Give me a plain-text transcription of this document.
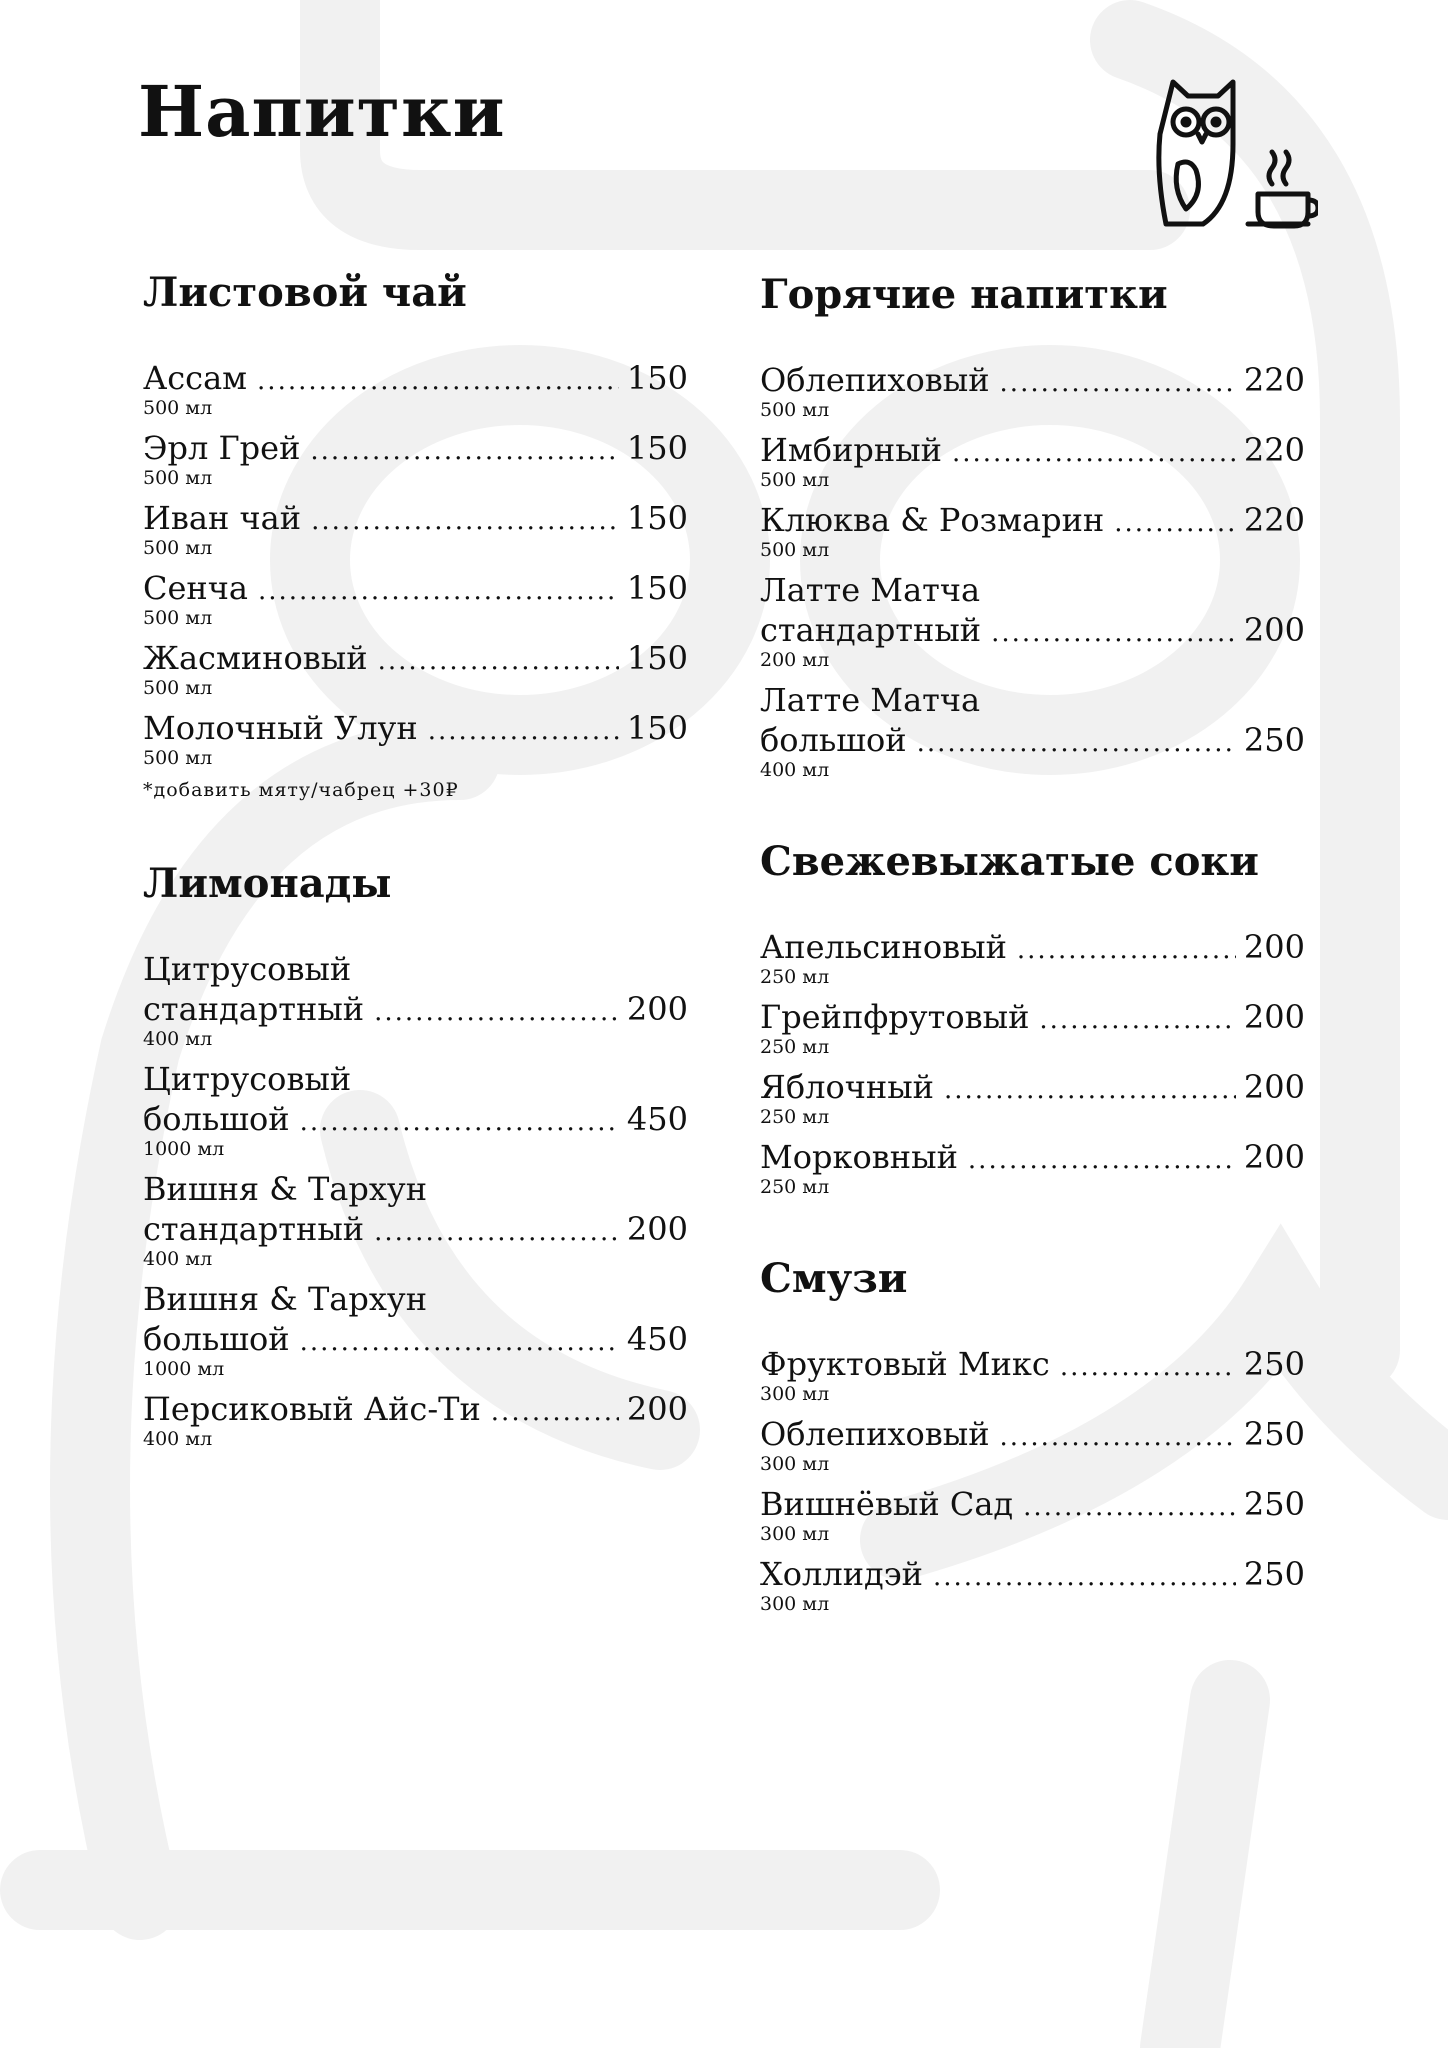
Напитки
Листовой чай
Ассам .....	150
500 мл
Эрл Грей .....	150
500 мл
Иван чай .....	150
500 мл
Сенча .....	150
500 мл
Жасминовый .....	150
500 мл
Молочный Улун .....	150
500 мл
*добавить мяту/чабрец +30₽
Лимонады
Цитрусовый
стандартный .....	200
400 мл
Цитрусовый
большой .....	450
1000 мл
Вишня & Тархун
стандартный .....	200
400 мл
Вишня & Тархун
большой .....	450
1000 мл
Персиковый Айс-Ти .....	200
400 мл
Горячие напитки
Облепиховый .....	220
500 мл
Имбирный .....	220
500 мл
Клюква & Розмарин .....	220
500 мл
Латте Матча
стандартный .....	200
200 мл
Латте Матча
большой .....	250
400 мл
Свежевыжатые соки
Апельсиновый .....	200
250 мл
Грейпфрутовый .....	200
250 мл
Яблочный .....	200
250 мл
Морковный .....	200
250 мл
Смузи
Фруктовый Микс .....	250
300 мл
Облепиховый .....	250
300 мл
Вишнёвый Сад .....	250
300 мл
Холлидэй .....	250
300 мл
